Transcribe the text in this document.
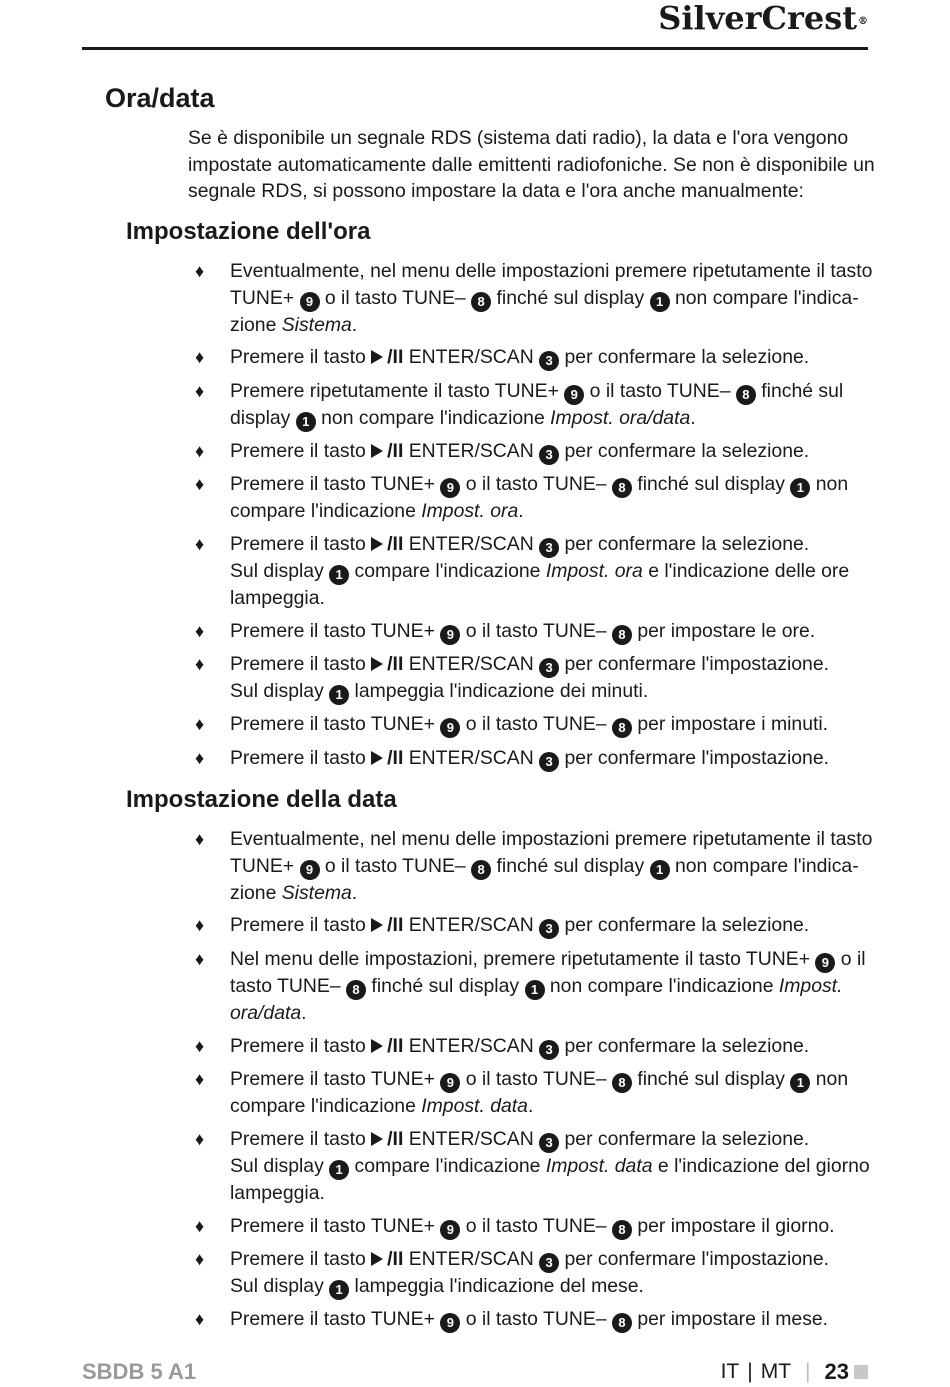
SilverCrest®
Ora/data

Se è disponibile un segnale RDS (sistema dati radio), la data e l'ora vengono impostate automaticamente dalle emittenti radiofoniche. Se non è disponibile un segnale RDS, si possono impostare la data e l'ora anche manualmente:

Impostazione dell'ora
Impostazione della data
♦ Eventualmente, nel menu delle impostazioni premere ripetutamente il tasto TUNE+ 9 o il tasto TUNE– 8 finché sul display 1 non compare l'indica-zione Sistema.
♦ Premere il tasto /II ENTER/SCAN 3 per confermare la selezione.
♦ Premere ripetutamente il tasto TUNE+ 9 o il tasto TUNE– 8 finché sul display 1 non compare l'indicazione Impost. ora/data.
♦ Premere il tasto /II ENTER/SCAN 3 per confermare la selezione.
♦ Premere il tasto TUNE+ 9 o il tasto TUNE– 8 finché sul display 1 non compare l'indicazione Impost. ora.
♦ Premere il tasto /II ENTER/SCAN 3 per confermare la selezione.
Sul display 1 compare l'indicazione Impost. ora e l'indicazione delle ore lampeggia.
♦ Premere il tasto TUNE+ 9 o il tasto TUNE– 8 per impostare le ore.
♦ Premere il tasto /II ENTER/SCAN 3 per confermare l'impostazione.
Sul display 1 lampeggia l'indicazione dei minuti.
♦ Premere il tasto TUNE+ 9 o il tasto TUNE– 8 per impostare i minuti.
♦ Premere il tasto /II ENTER/SCAN 3 per confermare l'impostazione.
♦ Eventualmente, nel menu delle impostazioni premere ripetutamente il tasto TUNE+ 9 o il tasto TUNE– 8 finché sul display 1 non compare l'indica-zione Sistema.
♦ Premere il tasto /II ENTER/SCAN 3 per confermare la selezione.
♦ Nel menu delle impostazioni, premere ripetutamente il tasto TUNE+ 9 o il tasto TUNE– 8 finché sul display 1 non compare l'indicazione Impost. ora/data.
♦ Premere il tasto /II ENTER/SCAN 3 per confermare la selezione.
♦ Premere il tasto TUNE+ 9 o il tasto TUNE– 8 finché sul display 1 non compare l'indicazione Impost. data.
♦ Premere il tasto /II ENTER/SCAN 3 per confermare la selezione.
Sul display 1 compare l'indicazione Impost. data e l'indicazione del giorno lampeggia.
♦ Premere il tasto TUNE+ 9 o il tasto TUNE– 8 per impostare il giorno.
♦ Premere il tasto /II ENTER/SCAN 3 per confermare l'impostazione.
Sul display 1 lampeggia l'indicazione del mese.
♦ Premere il tasto TUNE+ 9 o il tasto TUNE– 8 per impostare il mese.
SBDB 5 A1	IT | MT | 23
